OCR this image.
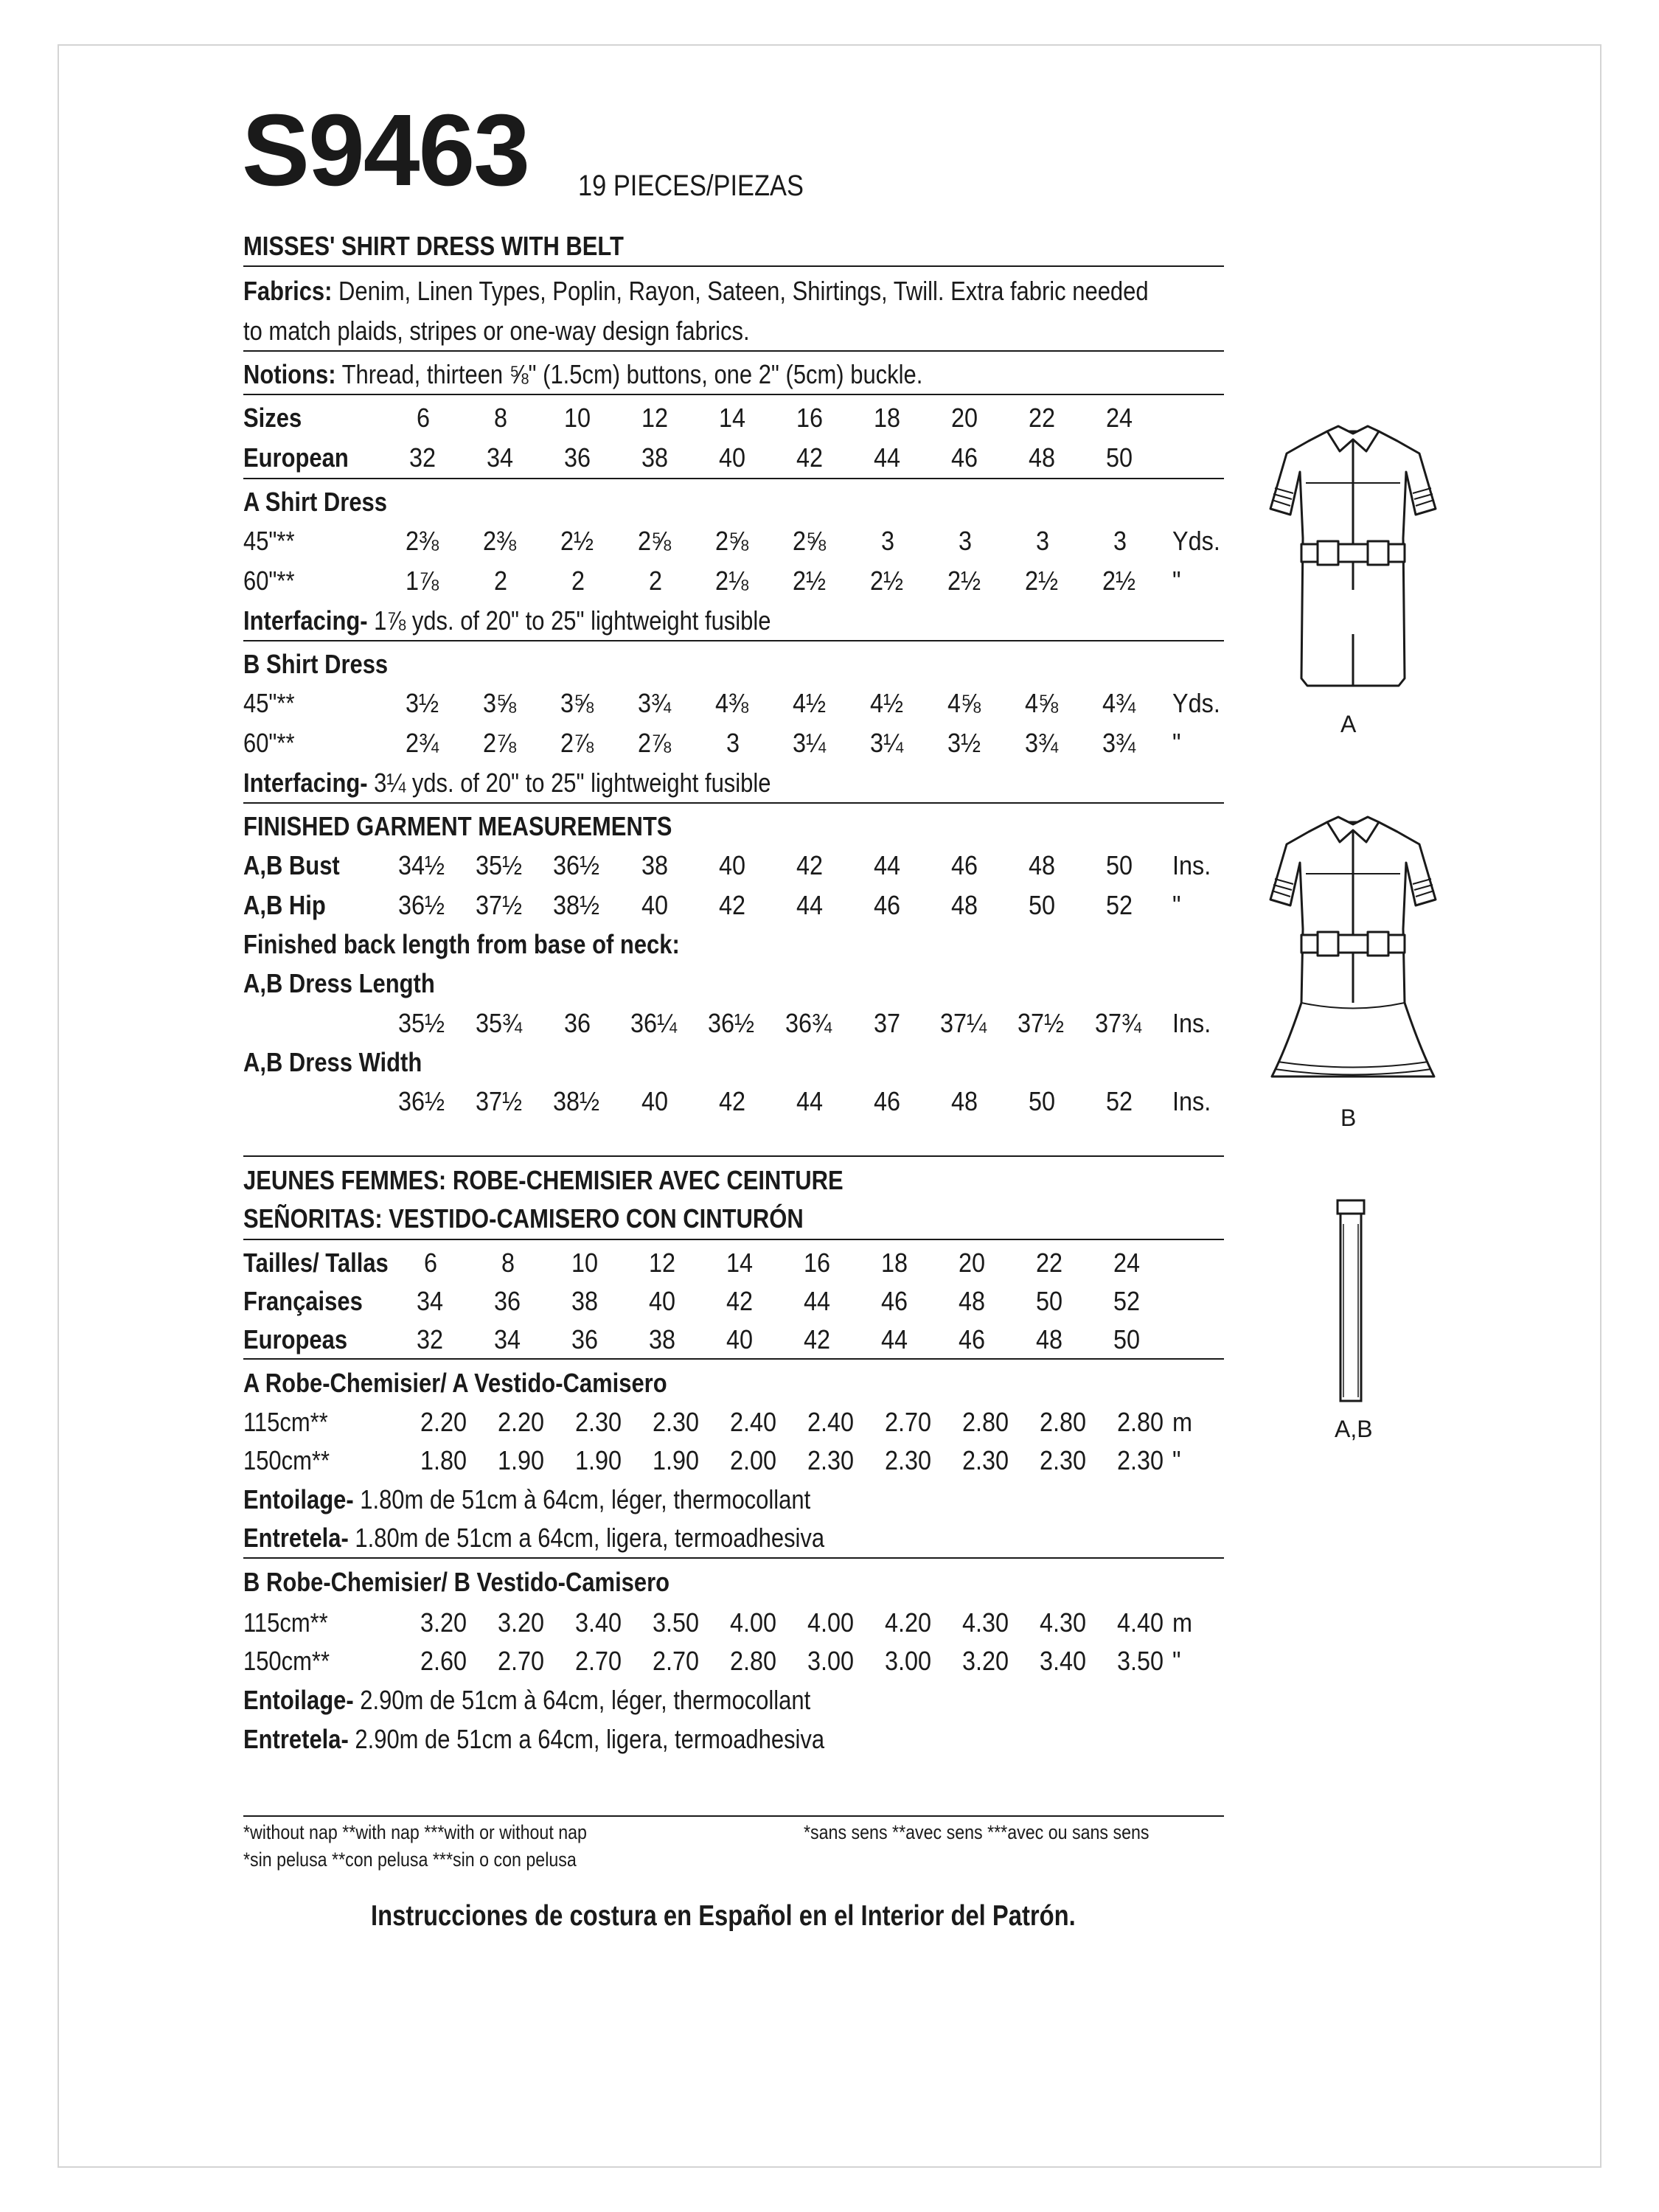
S9463 19 PIECES/PIEZAS
MISSES' SHIRT DRESS WITH BELT
Fabrics: Denim, Linen Types, Poplin, Rayon, Sateen, Shirtings, Twill. Extra fabric needed
to match plaids, stripes or one-way design fabrics.
Notions: Thread, thirteen ⅝" (1.5cm) buttons, one 2" (5cm) buckle.
Sizes	6 8 10 12 14 16 18 20 22 24
European 32 34 36 38 40 42 44 46 48 50
A Shirt Dress
45"**	2⅜ 2⅜ 2½ 2⅝ 2⅝ 2⅝ 3 3 3 3 Yds.
60"**	1⅞ 2 2 2 2⅛ 2½ 2½ 2½ 2½ 2½ "
Interfacing- 1⅞ yds. of 20" to 25" lightweight fusible
B Shirt Dress
45"**	3½ 3⅝ 3⅝ 3¾ 4⅜ 4½ 4½ 4⅝ 4⅝ 4¾ Yds.
60"**	2¾ 2⅞ 2⅞ 2⅞ 3 3¼ 3¼ 3½ 3¾ 3¾ "
Interfacing- 3¼ yds. of 20" to 25" lightweight fusible
FINISHED GARMENT MEASUREMENTS
A,B Bust 34½ 35½ 36½ 38 40 42 44 46 48 50 Ins.
A,B Hip	36½ 37½ 38½ 40 42 44 46 48 50 52 "
Finished back length from base of neck:
A,B Dress Length
35½ 35¾ 36 36¼ 36½ 36¾ 37 37¼ 37½ 37¾ Ins.
A,B Dress Width
36½ 37½ 38½ 40 42 44 46 48 50 52 Ins.
JEUNES FEMMES: ROBE-CHEMISIER AVEC CEINTURE
SEÑORITAS: VESTIDO-CAMISERO CON CINTURÓN
Tailles/ Tallas 6 8 10 12 14 16 18 20 22 24
Françaises 34 36 38 40 42 44 46 48 50 52
Europeas	32 34 36 38 40 42 44 46 48 50
A Robe-Chemisier/ A Vestido-Camisero
115cm**	2.20 2.20 2.30 2.30 2.40 2.40 2.70 2.80 2.80 2.80 m
150cm**	1.80 1.90 1.90 1.90 2.00 2.30 2.30 2.30 2.30 2.30 "
Entoilage- 1.80m de 51cm à 64cm, léger, thermocollant
Entretela- 1.80m de 51cm a 64cm, ligera, termoadhesiva
B Robe-Chemisier/ B Vestido-Camisero
115cm**	3.20 3.20 3.40 3.50 4.00 4.00 4.20 4.30 4.30 4.40 m
150cm**	2.60 2.70 2.70 2.70 2.80 3.00 3.00 3.20 3.40 3.50 "
Entoilage- 2.90m de 51cm à 64cm, léger, thermocollant
Entretela- 2.90m de 51cm a 64cm, ligera, termoadhesiva
*without nap **with nap ***with or without nap	*sans sens **avec sens ***avec ou sans sens
*sin pelusa **con pelusa ***sin o con pelusa
Instrucciones de costura en Español en el Interior del Patrón.
A
B
A,B
